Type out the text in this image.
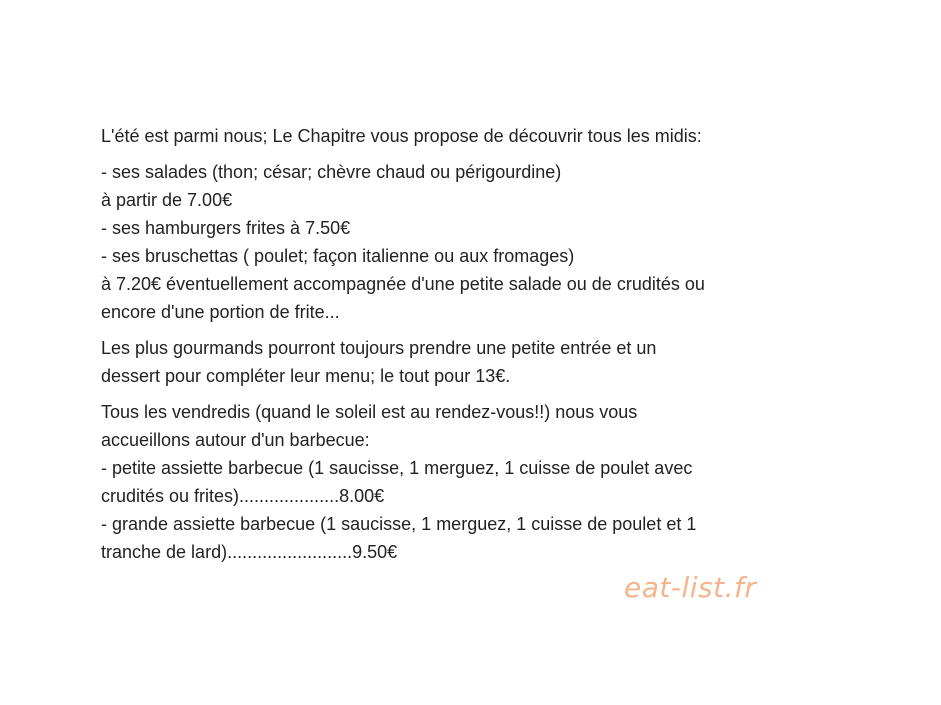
L'été est parmi nous; Le Chapitre vous propose de découvrir tous les midis:

- ses salades (thon; césar; chèvre chaud ou périgourdine)
à partir de 7.00€
- ses hamburgers frites à 7.50€
- ses bruschettas ( poulet; façon italienne ou aux fromages)
à 7.20€ éventuellement accompagnée d'une petite salade ou de crudités ou
encore d'une portion de frite...

Les plus gourmands pourront toujours prendre une petite entrée et un
dessert pour compléter leur menu; le tout pour 13€.

Tous les vendredis (quand le soleil est au rendez-vous!!) nous vous
accueillons autour d'un barbecue:
- petite assiette barbecue (1 saucisse, 1 merguez, 1 cuisse de poulet avec
crudités ou frites)....................8.00€
- grande assiette barbecue (1 saucisse, 1 merguez, 1 cuisse de poulet et 1
tranche de lard).........................9.50€

eat-list.fr
